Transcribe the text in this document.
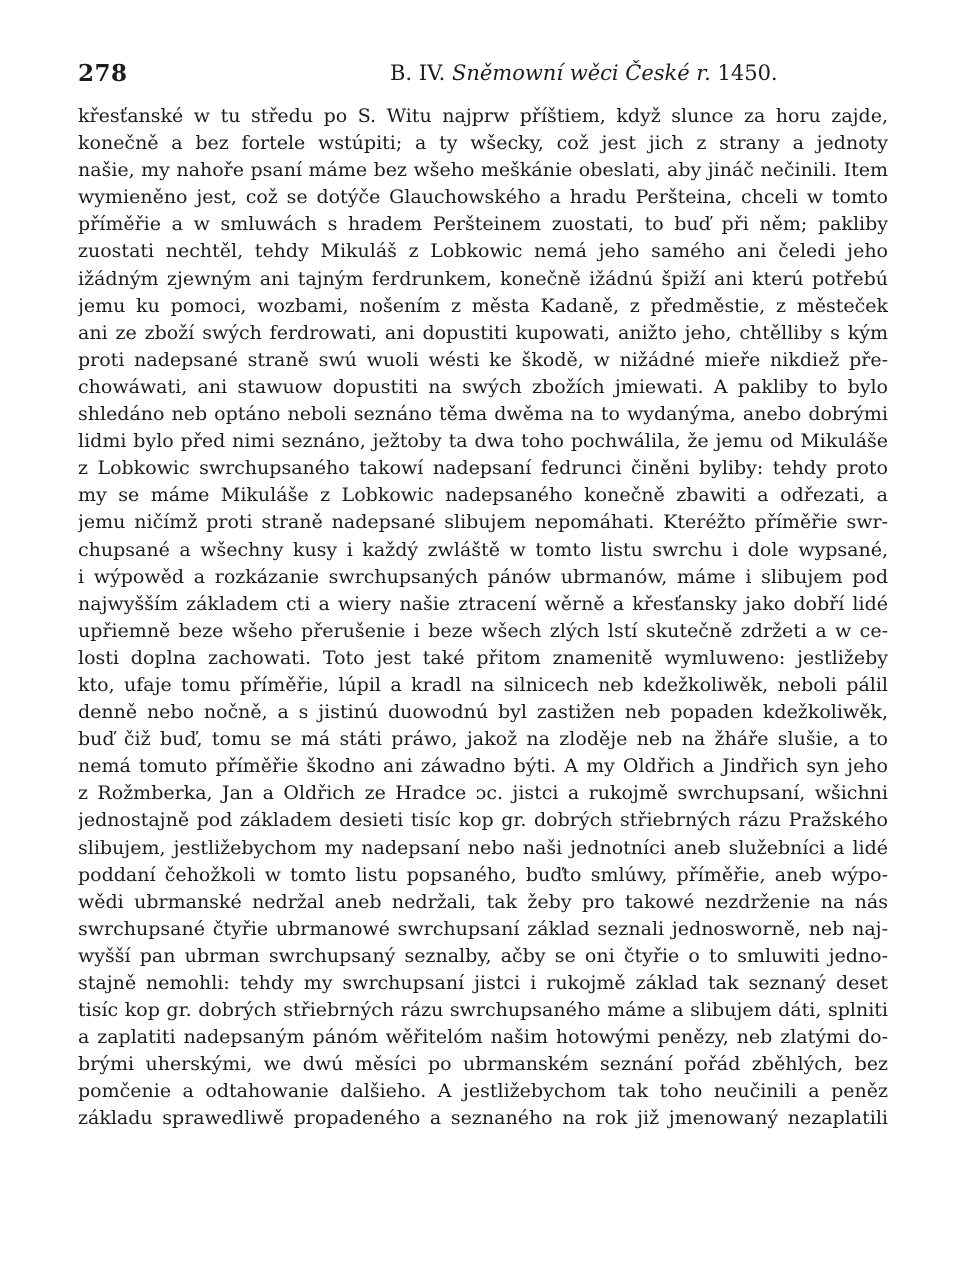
278	B. IV. Sněmowní wěci České r. 1450.
křesťanské w tu středu po S. Witu najprw příštiem, když slunce za horu zajde,
konečně a bez fortele wstúpiti; a ty wšecky, což jest jich z strany a jednoty
našie, my nahoře psaní máme bez wšeho meškánie obeslati, aby jináč nečinili. Item
wymieněno jest, což se dotýče Glauchowského a hradu Peršteina, chceli w tomto
příměřie a w smluwách s hradem Peršteinem zuostati, to buď při něm; pakliby
zuostati nechtěl, tehdy Mikuláš z Lobkowic nemá jeho samého ani čeledi jeho
ižádným zjewným ani tajným ferdrunkem, konečně ižádnú špiží ani kterú potřebú
jemu ku pomoci, wozbami, nošením z města Kadaně, z předměstie, z městeček
ani ze zboží swých ferdrowati, ani dopustiti kupowati, anižto jeho, chtělliby s kým
proti nadepsané straně swú wuoli wésti ke škodě, w nižádné mieře nikdiež pře-
chowáwati, ani stawuow dopustiti na swých zbožích jmiewati. A pakliby to bylo
shledáno neb optáno neboli seznáno těma dwěma na to wydanýma, anebo dobrými
lidmi bylo před nimi seznáno, ježtoby ta dwa toho pochwálila, že jemu od Mikuláše
z Lobkowic swrchupsaného takowí nadepsaní fedrunci činěni byliby: tehdy proto
my se máme Mikuláše z Lobkowic nadepsaného konečně zbawiti a odřezati, a
jemu ničímž proti straně nadepsané slibujem nepomáhati. Kteréžto příměřie swr-
chupsané a wšechny kusy i každý zwláště w tomto listu swrchu i dole wypsané,
i wýpowěd a rozkázanie swrchupsaných pánów ubrmanów, máme i slibujem pod
najwyšším základem cti a wiery našie ztracení wěrně a křesťansky jako dobří lidé
upřiemně beze wšeho přerušenie i beze wšech zlých lstí skutečně zdržeti a w ce-
losti doplna zachowati. Toto jest také přitom znamenitě wymluweno: jestližeby
kto, ufaje tomu příměřie, lúpil a kradl na silnicech neb kdežkoliwěk, neboli pálil
denně nebo nočně, a s jistinú duowodnú byl zastižen neb popaden kdežkoliwěk,
buď čiž buď, tomu se má státi práwo, jakož na zloděje neb na žháře slušie, a to
nemá tomuto příměřie škodno ani záwadno býti. A my Oldřich a Jindřich syn jeho
z Rožmberka, Jan a Oldřich ze Hradce ᴐc. jistci a rukojmě swrchupsaní, wšichni
jednostajně pod základem desieti tisíc kop gr. dobrých střiebrných rázu Pražského
slibujem, jestližebychom my nadepsaní nebo naši jednotníci aneb služebníci a lidé
poddaní čehožkoli w tomto listu popsaného, buďto smlúwy, příměřie, aneb wýpo-
wědi ubrmanské nedržal aneb nedržali, tak žeby pro takowé nezdrženie na nás
swrchupsané čtyřie ubrmanowé swrchupsaní základ seznali jednosworně, neb naj-
wyšší pan ubrman swrchupsaný seznalby, ačby se oni čtyřie o to smluwiti jedno-
stajně nemohli: tehdy my swrchupsaní jistci i rukojmě základ tak seznaný deset
tisíc kop gr. dobrých střiebrných rázu swrchupsaného máme a slibujem dáti, splniti
a zaplatiti nadepsaným pánóm wěřitelóm našim hotowými penězy, neb zlatými do-
brými uherskými, we dwú měsíci po ubrmanském seznání pořád zběhlých, bez
pomčenie a odtahowanie dalšieho. A jestližebychom tak toho neučinili a peněz
základu sprawedliwě propadeného a seznaného na rok již jmenowaný nezaplatili
